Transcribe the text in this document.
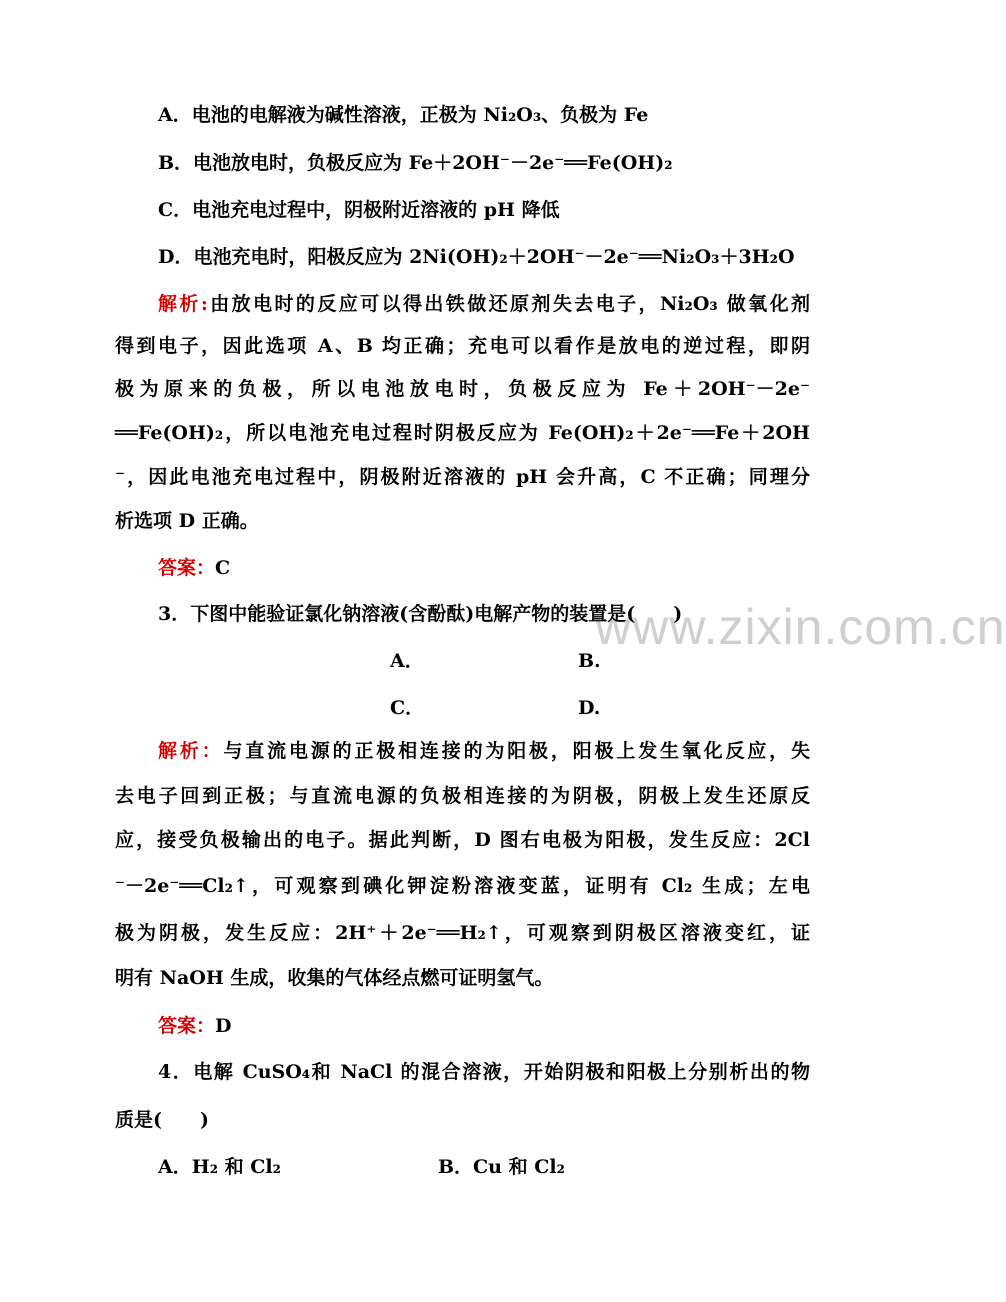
www.zixin.com.cn
A．电池的电解液为碱性溶液，正极为 Ni₂O₃、负极为 Fe
B．电池放电时，负极反应为 Fe＋2OH⁻－2e⁻══Fe(OH)₂
C．电池充电过程中，阴极附近溶液的 pH 降低
D．电池充电时，阳极反应为 2Ni(OH)₂＋2OH⁻－2e⁻══Ni₂O₃＋3H₂O
解析:由放电时的反应可以得出铁做还原剂失去电子，Ni₂O₃ 做氧化剂
得到电子，因此选项 A、B 均正确；充电可以看作是放电的逆过程，即阴
极为原来的负极，所以电池放电时，负极反应为 Fe＋2OH⁻－2e⁻
══Fe(OH)₂，所以电池充电过程时阴极反应为 Fe(OH)₂＋2e⁻══Fe＋2OH
⁻，因此电池充电过程中，阴极附近溶液的 pH 会升高，C 不正确；同理分
析选项 D 正确。
答案：C
3．下图中能验证氯化钠溶液(含酚酞)电解产物的装置是(　　)
A．	B.
C．	D.
解析：与直流电源的正极相连接的为阳极，阳极上发生氧化反应，失
去电子回到正极；与直流电源的负极相连接的为阴极，阴极上发生还原反
应，接受负极输出的电子。据此判断，D 图右电极为阳极，发生反应：2Cl
⁻－2e⁻══Cl₂↑，可观察到碘化钾淀粉溶液变蓝，证明有 Cl₂ 生成；左电
极为阴极，发生反应：2H⁺＋2e⁻══H₂↑，可观察到阴极区溶液变红，证
明有 NaOH 生成，收集的气体经点燃可证明氢气。
答案：D
4．电解 CuSO₄和 NaCl 的混合溶液，开始阴极和阳极上分别析出的物
质是(　　)
A．H₂ 和 Cl₂	B．Cu 和 Cl₂
